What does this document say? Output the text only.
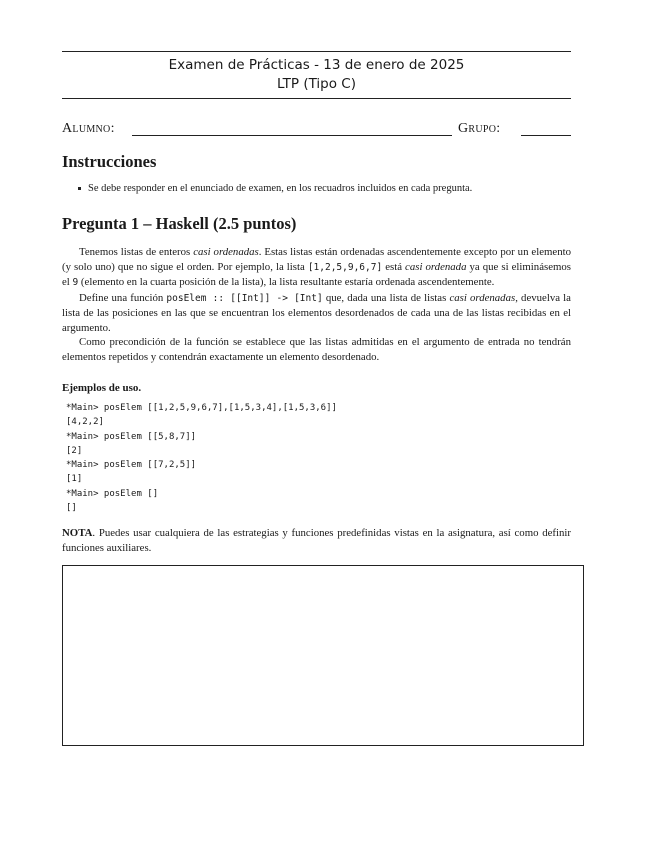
Examen de Prácticas - 13 de enero de 2025
LTP (Tipo C)
Alumno:	Grupo:
Instrucciones
Se debe responder en el enunciado de examen, en los recuadros incluidos en cada pregunta.
Pregunta 1 – Haskell (2.5 puntos)

Tenemos listas de enteros casi ordenadas. Estas listas están ordenadas ascendentemente excepto por un elemento (y solo uno) que no sigue el orden. Por ejemplo, la lista [1,2,5,9,6,7] está casi ordenada ya que si eliminásemos el 9 (elemento en la cuarta posición de la lista), la lista resultante estaría ordenada ascendentemente.

Define una función posElem :: [[Int]] -> [Int] que, dada una lista de listas casi ordenadas, devuelva la lista de las posiciones en las que se encuentran los elementos desordenados de cada una de las listas recibidas en el argumento.

Como precondición de la función se establece que las listas admitidas en el argumento de entrada no tendrán elementos repetidos y contendrán exactamente un elemento desordenado.

Ejemplos de uso.
*Main> posElem [[1,2,5,9,6,7],[1,5,3,4],[1,5,3,6]]
[4,2,2]
*Main> posElem [[5,8,7]]
[2]
*Main> posElem [[7,2,5]]
[1]
*Main> posElem []
[]
NOTA. Puedes usar cualquiera de las estrategias y funciones predefinidas vistas en la asignatura, así como definir funciones auxiliares.
